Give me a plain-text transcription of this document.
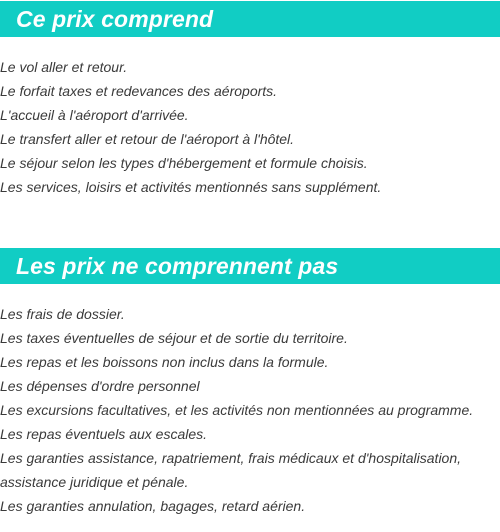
Ce prix comprend
Le vol aller et retour.
Le forfait taxes et redevances des aéroports.
L'accueil à l'aéroport d'arrivée.
Le transfert aller et retour de l'aéroport à l'hôtel.
Le séjour selon les types d'hébergement et formule choisis.
Les services, loisirs et activités mentionnés sans supplément.
Les prix ne comprennent pas
Les frais de dossier.
Les taxes éventuelles de séjour et de sortie du territoire.
Les repas et les boissons non inclus dans la formule.
Les dépenses d'ordre personnel
Les excursions facultatives, et les activités non mentionnées au programme.
Les repas éventuels aux escales.
Les garanties assistance, rapatriement, frais médicaux et d'hospitalisation, assistance juridique et pénale.
Les garanties annulation, bagages, retard aérien.
